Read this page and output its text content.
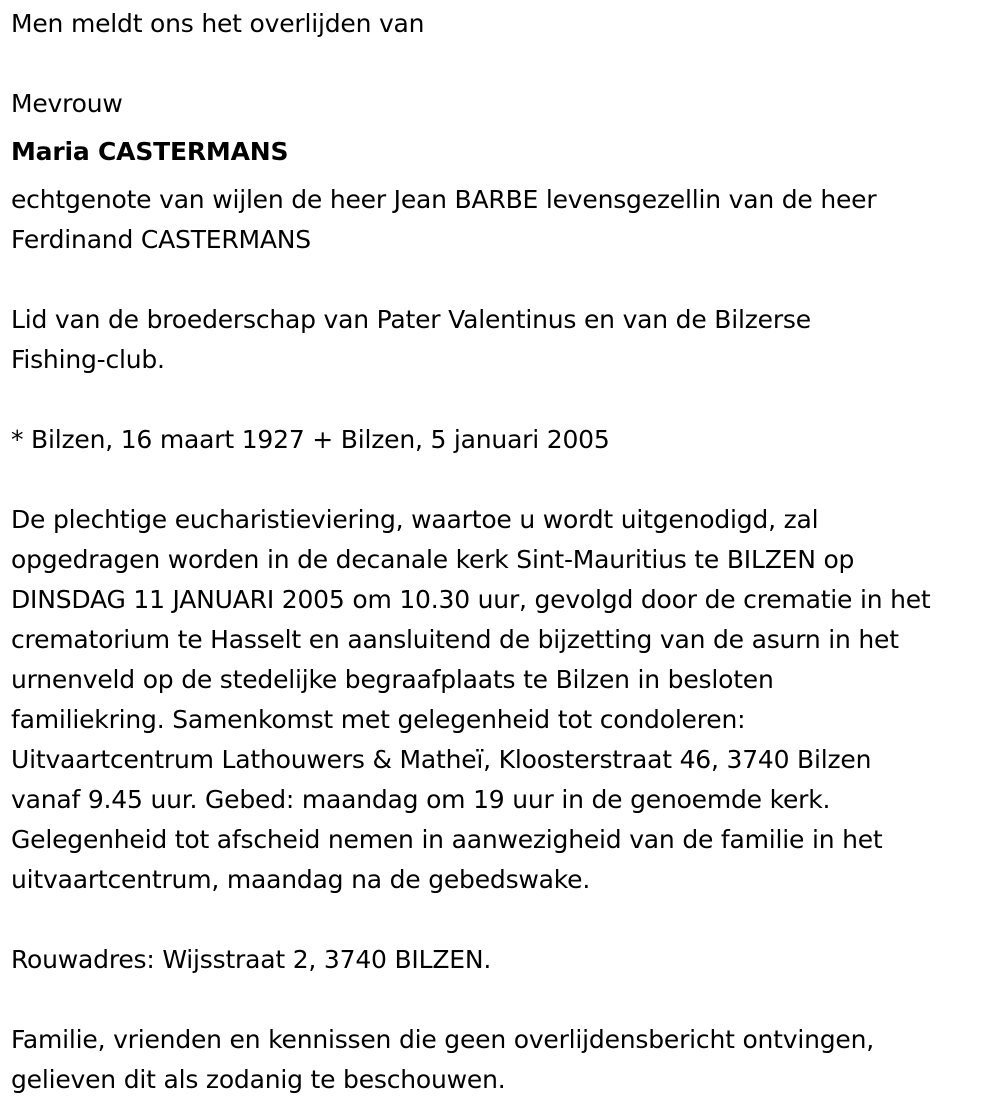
Men meldt ons het overlijden van

Mevrouw

Maria CASTERMANS

echtgenote van wijlen de heer Jean BARBE levensgezellin van de heer

Ferdinand CASTERMANS

Lid van de broederschap van Pater Valentinus en van de Bilzerse

Fishing-club.

* Bilzen, 16 maart 1927 + Bilzen, 5 januari 2005

De plechtige eucharistieviering, waartoe u wordt uitgenodigd, zal

opgedragen worden in de decanale kerk Sint-Mauritius te BILZEN op

DINSDAG 11 JANUARI 2005 om 10.30 uur, gevolgd door de crematie in het

crematorium te Hasselt en aansluitend de bijzetting van de asurn in het

urnenveld op de stedelijke begraafplaats te Bilzen in besloten

familiekring. Samenkomst met gelegenheid tot condoleren:

Uitvaartcentrum Lathouwers & Matheï, Kloosterstraat 46, 3740 Bilzen

vanaf 9.45 uur. Gebed: maandag om 19 uur in de genoemde kerk.

Gelegenheid tot afscheid nemen in aanwezigheid van de familie in het

uitvaartcentrum, maandag na de gebedswake.

Rouwadres: Wijsstraat 2, 3740 BILZEN.

Familie, vrienden en kennissen die geen overlijdensbericht ontvingen,

gelieven dit als zodanig te beschouwen.
